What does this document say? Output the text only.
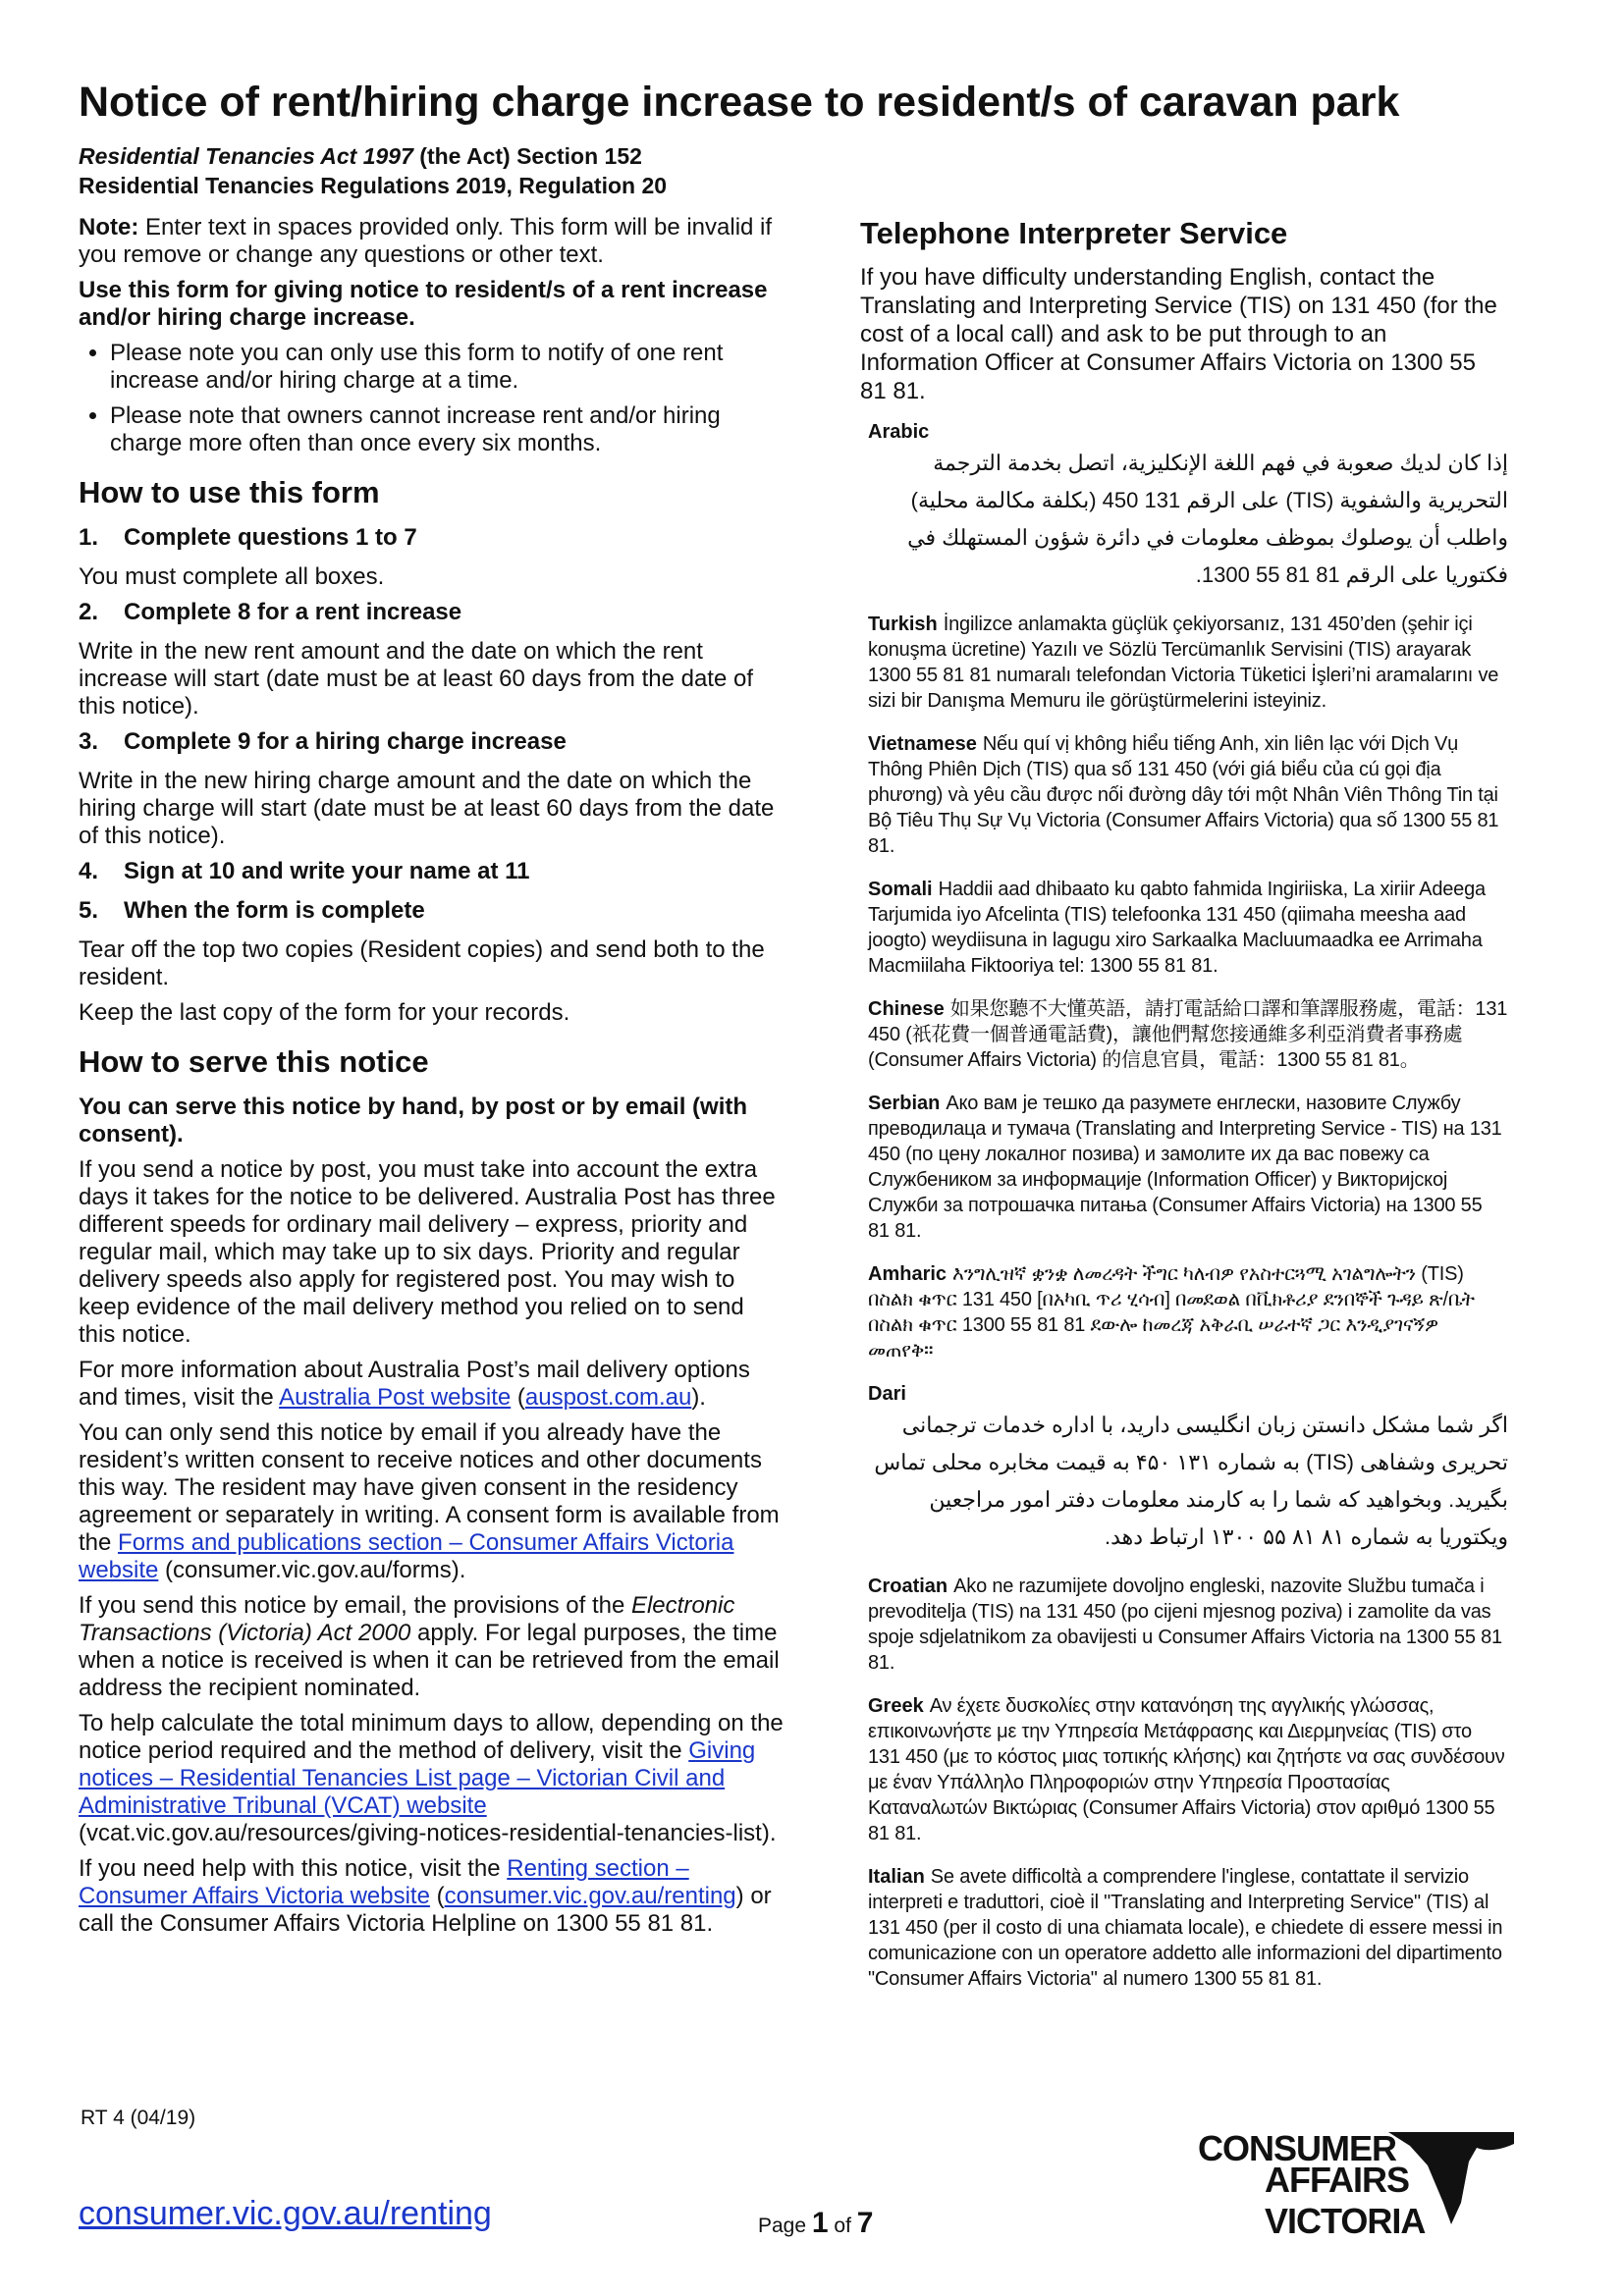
Notice of rent/hiring charge increase to resident/s of caravan park
Residential Tenancies Act 1997 (the Act) Section 152
Residential Tenancies Regulations 2019, Regulation 20

Note: Enter text in spaces provided only. This form will be invalid if you remove or change any questions or other text.

Use this form for giving notice to resident/s of a rent increase and/or hiring charge increase.

• Please note you can only use this form to notify of one rent increase and/or hiring charge at a time.
• Please note that owners cannot increase rent and/or hiring charge more often than once every six months.
How to use this form
1.	Complete questions 1 to 7

You must complete all boxes.

2.	Complete 8 for a rent increase

Write in the new rent amount and the date on which the rent increase will start (date must be at least 60 days from the date of this notice).

3.	Complete 9 for a hiring charge increase

Write in the new hiring charge amount and the date on which the hiring charge will start (date must be at least 60 days from the date of this notice).

4.	Sign at 10 and write your name at 11
5.	When the form is complete

Tear off the top two copies (Resident copies) and send both to the resident.

Keep the last copy of the form for your records.

How to serve this notice

You can serve this notice by hand, by post or by email (with consent).

If you send a notice by post, you must take into account the extra days it takes for the notice to be delivered. Australia Post has three different speeds for ordinary mail delivery – express, priority and regular mail, which may take up to six days. Priority and regular delivery speeds also apply for registered post. You may wish to keep evidence of the mail delivery method you relied on to send this notice.

For more information about Australia Post’s mail delivery options and times, visit the Australia Post website (auspost.com.au).

You can only send this notice by email if you already have the resident’s written consent to receive notices and other documents this way. The resident may have given consent in the residency agreement or separately in writing. A consent form is available from the Forms and publications section – Consumer Affairs Victoria website (consumer.vic.gov.au/forms).

If you send this notice by email, the provisions of the Electronic Transactions (Victoria) Act 2000 apply. For legal purposes, the time when a notice is received is when it can be retrieved from the email address the recipient nominated.

To help calculate the total minimum days to allow, depending on the notice period required and the method of delivery, visit the Giving notices – Residential Tenancies List page – Victorian Civil and Administrative Tribunal (VCAT) website (vcat.vic.gov.au/resources/giving-notices-residential-tenancies-list).

If you need help with this notice, visit the Renting section – Consumer Affairs Victoria website (consumer.vic.gov.au/renting) or call the Consumer Affairs Victoria Helpline on 1300 55 81 81.

Telephone Interpreter Service

If you have difficulty understanding English, contact the Translating and Interpreting Service (TIS) on 131 450 (for the cost of a local call) and ask to be put through to an Information Officer at Consumer Affairs Victoria on 1300 55 81 81.

Arabic
إذا كان لديك صعوبة في فهم اللغة الإنكليزية، اتصل بخدمة الترجمة التحريرية والشفوية (TIS) على الرقم 131 450 (بكلفة مكالمة محلية) واطلب أن يوصلوك بموظف معلومات في دائرة شؤون المستهلك في فكتوريا على الرقم 81 81 55 1300.
Turkish İngilizce anlamakta güçlük çekiyorsanız, 131 450’den (şehir içi konuşma ücretine) Yazılı ve Sözlü Tercümanlık Servisini (TIS) arayarak 1300 55 81 81 numaralı telefondan Victoria Tüketici İşleri’ni aramalarını ve sizi bir Danışma Memuru ile görüştürmelerini isteyiniz.
Vietnamese Nếu quí vị không hiểu tiếng Anh, xin liên lạc với Dịch Vụ Thông Phiên Dịch (TIS) qua số 131 450 (với giá biểu của cú gọi địa phương) và yêu cầu được nối đường dây tới một Nhân Viên Thông Tin tại Bộ Tiêu Thụ Sự Vụ Victoria (Consumer Affairs Victoria) qua số 1300 55 81 81.
Somali Haddii aad dhibaato ku qabto fahmida Ingiriiska, La xiriir Adeega Tarjumida iyo Afcelinta (TIS) telefoonka 131 450 (qiimaha meesha aad joogto) weydiisuna in lagugu xiro Sarkaalka Macluumaadka ee Arrimaha Macmiilaha Fiktooriya tel: 1300 55 81 81.
Chinese 如果您聽不大懂英語，請打電話給口譯和筆譯服務處，電話：131 450 (祇花費一個普通電話費)，讓他們幫您接通維多利亞消費者事務處 (Consumer Affairs Victoria) 的信息官員，電話：1300 55 81 81。
Serbian Ако вам је тешко да разумете енглески, назовите Службу преводилаца и тумача (Translating and Interpreting Service - TIS) на 131 450 (по цену локалног позива) и замолите их да вас повежу са Службеником за информације (Information Officer) у Викторијској Служби за потрошачка питања (Consumer Affairs Victoria) на 1300 55 81 81.
Amharic እንግሊዝኛ ቋንቋ ለመረዳት ችግር ካለብዎ የአስተርጓሚ አገልግሎትን (TIS) በስልክ ቁጥር 131 450 [በአካቢ ጥሪ ሂሳብ] በመደወል በቪክቶሪያ ደንበኞች ጉዳይ ጽ/ቤት በስልክ ቁጥር 1300 55 81 81 ደውሎ ከመረጃ አቅራቢ ሠራተኛ ጋር እንዲያገናኝዎ መጠየቅ።
Dari
اگر شما مشکل دانستن زبان انگلیسی دارید، با اداره خدمات ترجمانی تحریری وشفاهی (TIS) به شماره ۱۳۱ ۴۵۰ به قیمت مخابره محلی تماس بگیرید. وبخواهید که شما را به کارمند معلومات دفتر امور مراجعین ویکتوریا به شماره ۸۱ ۸۱ ۵۵ ۱۳۰۰ ارتباط دهد.
Croatian Ako ne razumijete dovoljno engleski, nazovite Službu tumača i prevoditelja (TIS) na 131 450 (po cijeni mjesnog poziva) i zamolite da vas spoje sdjelatnikom za obavijesti u Consumer Affairs Victoria na 1300 55 81 81.
Greek Αν έχετε δυσκολίες στην κατανόηση της αγγλικής γλώσσας, επικοινωνήστε με την Υπηρεσία Μετάφρασης και Διερμηνείας (TIS) στο 131 450 (με το κόστος μιας τοπικής κλήσης) και ζητήστε να σας συνδέσουν με έναν Υπάλληλο Πληροφοριών στην Υπηρεσία Προστασίας Καταναλωτών Βικτώριας (Consumer Affairs Victoria) στον αριθμό 1300 55 81 81.
Italian Se avete difficoltà a comprendere l'inglese, contattate il servizio interpreti e traduttori, cioè il "Translating and Interpreting Service" (TIS) al 131 450 (per il costo di una chiamata locale), e chiedete di essere messi in comunicazione con un operatore addetto alle informazioni del dipartimento "Consumer Affairs Victoria" al numero 1300 55 81 81.
RT 4 (04/19)
CONSUMER
AFFAIRS VICTORIA
consumer.vic.gov.au/renting	Page 1 of 7
